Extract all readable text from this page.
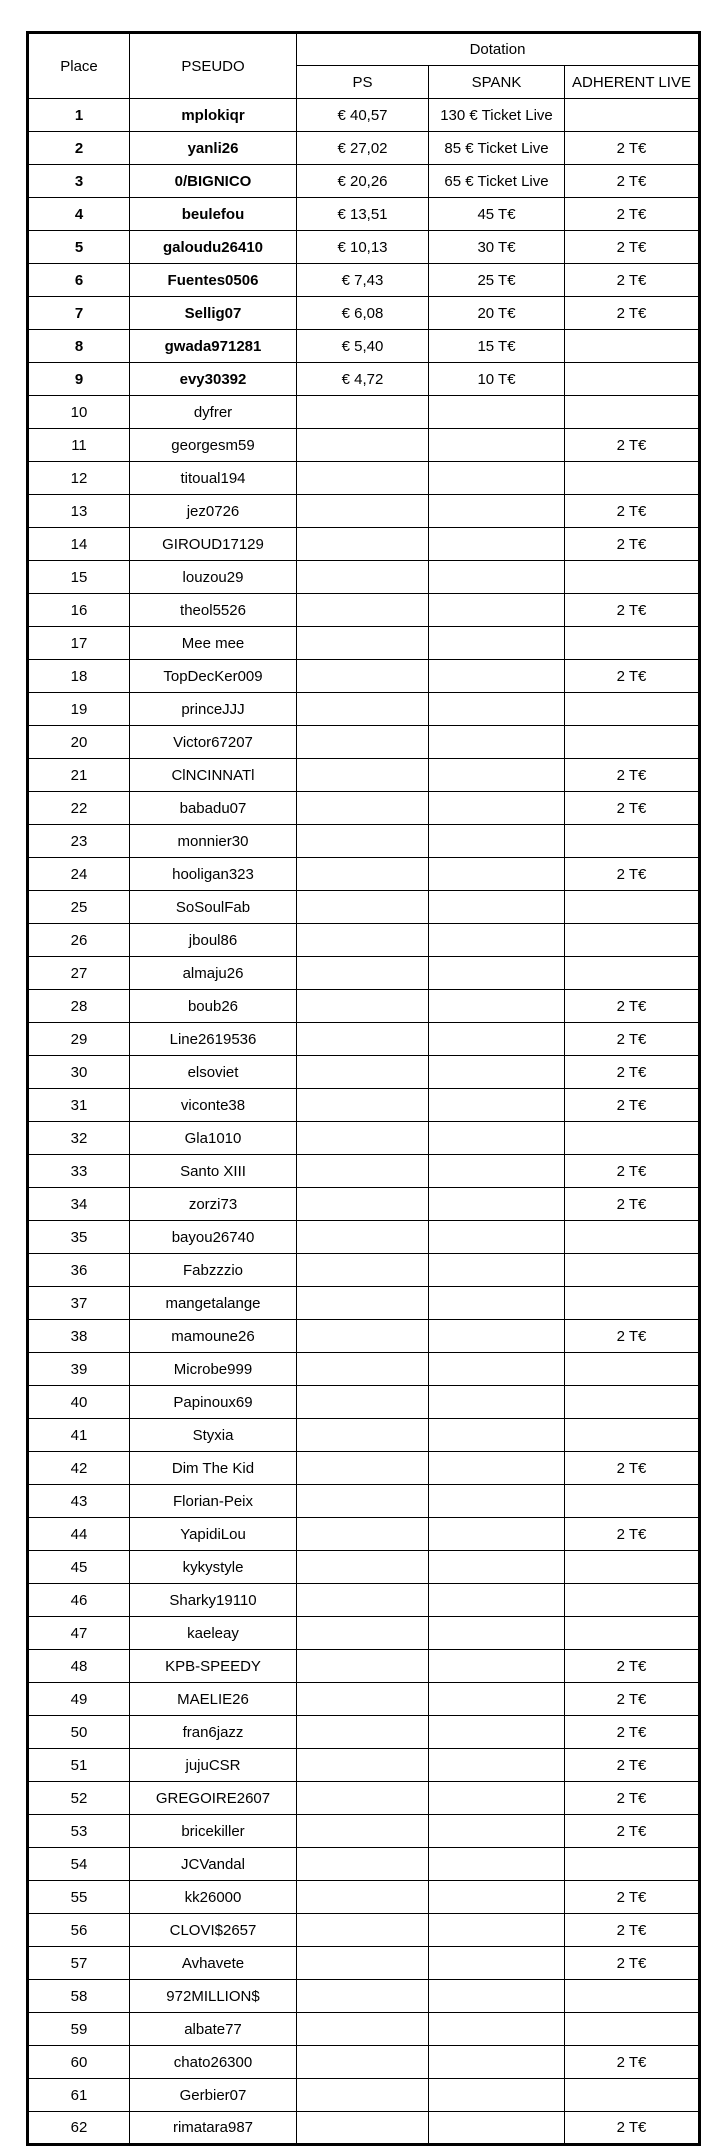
Place	PSEUDO	Dotation		
		PS	SPANK	ADHERENT LIVE
1	mplokiqr	€ 40,57	130 € Ticket Live	
2	yanli26	€ 27,02	85 € Ticket Live	2 T€
3	0/BIGNICO	€ 20,26	65 € Ticket Live	2 T€
4	beulefou	€ 13,51	45 T€	2 T€
5	galoudu26410	€ 10,13	30 T€	2 T€
6	Fuentes0506	€ 7,43	25 T€	2 T€
7	Sellig07	€ 6,08	20 T€	2 T€
8	gwada971281	€ 5,40	15 T€	
9	evy30392	€ 4,72	10 T€	
10	dyfrer			
11	georgesm59			2 T€
12	titoual194			
13	jez0726			2 T€
14	GIROUD17129			2 T€
15	louzou29			
16	theol5526			2 T€
17	Mee mee			
18	TopDecKer009			2 T€
19	princeJJJ			
20	Victor67207			
21	ClNCINNATl			2 T€
22	babadu07			2 T€
23	monnier30			
24	hooligan323			2 T€
25	SoSoulFab			
26	jboul86			
27	almaju26			
28	boub26			2 T€
29	Line2619536			2 T€
30	elsoviet			2 T€
31	viconte38			2 T€
32	Gla1010			
33	Santo XIII			2 T€
34	zorzi73			2 T€
35	bayou26740			
36	Fabzzzio			
37	mangetalange			
38	mamoune26			2 T€
39	Microbe999			
40	Papinoux69			
41	Styxia			
42	Dim The Kid			2 T€
43	Florian-Peix			
44	YapidiLou			2 T€
45	kykystyle			
46	Sharky19110			
47	kaeleay			
48	KPB-SPEEDY			2 T€
49	MAELIE26			2 T€
50	fran6jazz			2 T€
51	jujuCSR			2 T€
52	GREGOIRE2607			2 T€
53	bricekiller			2 T€
54	JCVandal			
55	kk26000			2 T€
56	CLOVI$2657			2 T€
57	Avhavete			2 T€
58	972MILLION$			
59	albate77			
60	chato26300			2 T€
61	Gerbier07			
62	rimatara987			2 T€
